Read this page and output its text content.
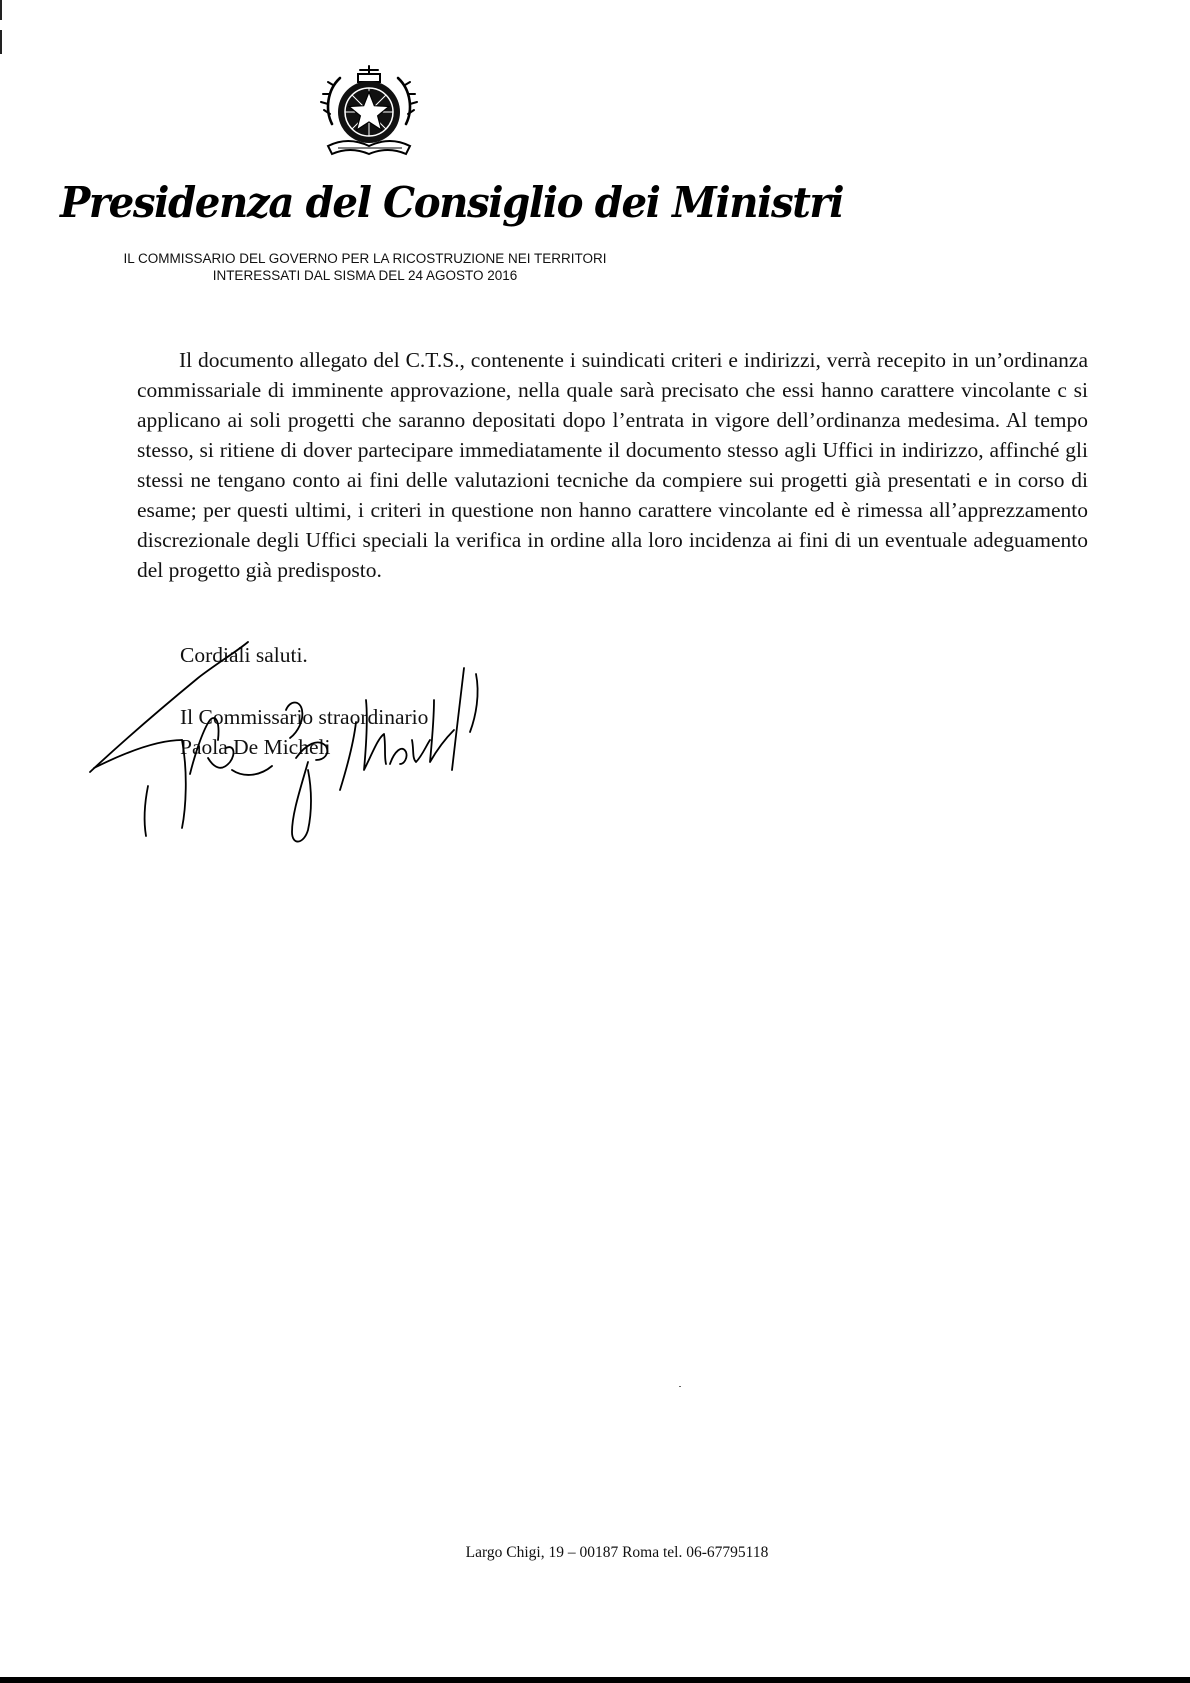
Presidenza del Consiglio dei Ministri

IL COMMISSARIO DEL GOVERNO PER LA RICOSTRUZIONE NEI TERRITORI
INTERESSATI DAL SISMA DEL 24 AGOSTO 2016

Il documento allegato del C.T.S., contenente i suindicati criteri e indirizzi, verrà recepito in un’ordinanza commissariale di imminente approvazione, nella quale sarà precisato che essi hanno carattere vincolante c si applicano ai soli progetti che saranno depositati dopo l’entrata in vigore dell’ordinanza medesima. Al tempo stesso, si ritiene di dover partecipare immediatamente il documento stesso agli Uffici in indirizzo, affinché gli stessi ne tengano conto ai fini delle valutazioni tecniche da compiere sui progetti già presentati e in corso di esame; per questi ultimi, i criteri in questione non hanno carattere vincolante ed è rimessa all’apprezzamento discrezionale degli Uffici speciali la verifica in ordine alla loro incidenza ai fini di un eventuale adeguamento del progetto già predisposto.

Cordiali saluti.

Il Commissario straordinario
Paola De Micheli

Largo Chigi, 19 – 00187 Roma tel. 06-67795118
